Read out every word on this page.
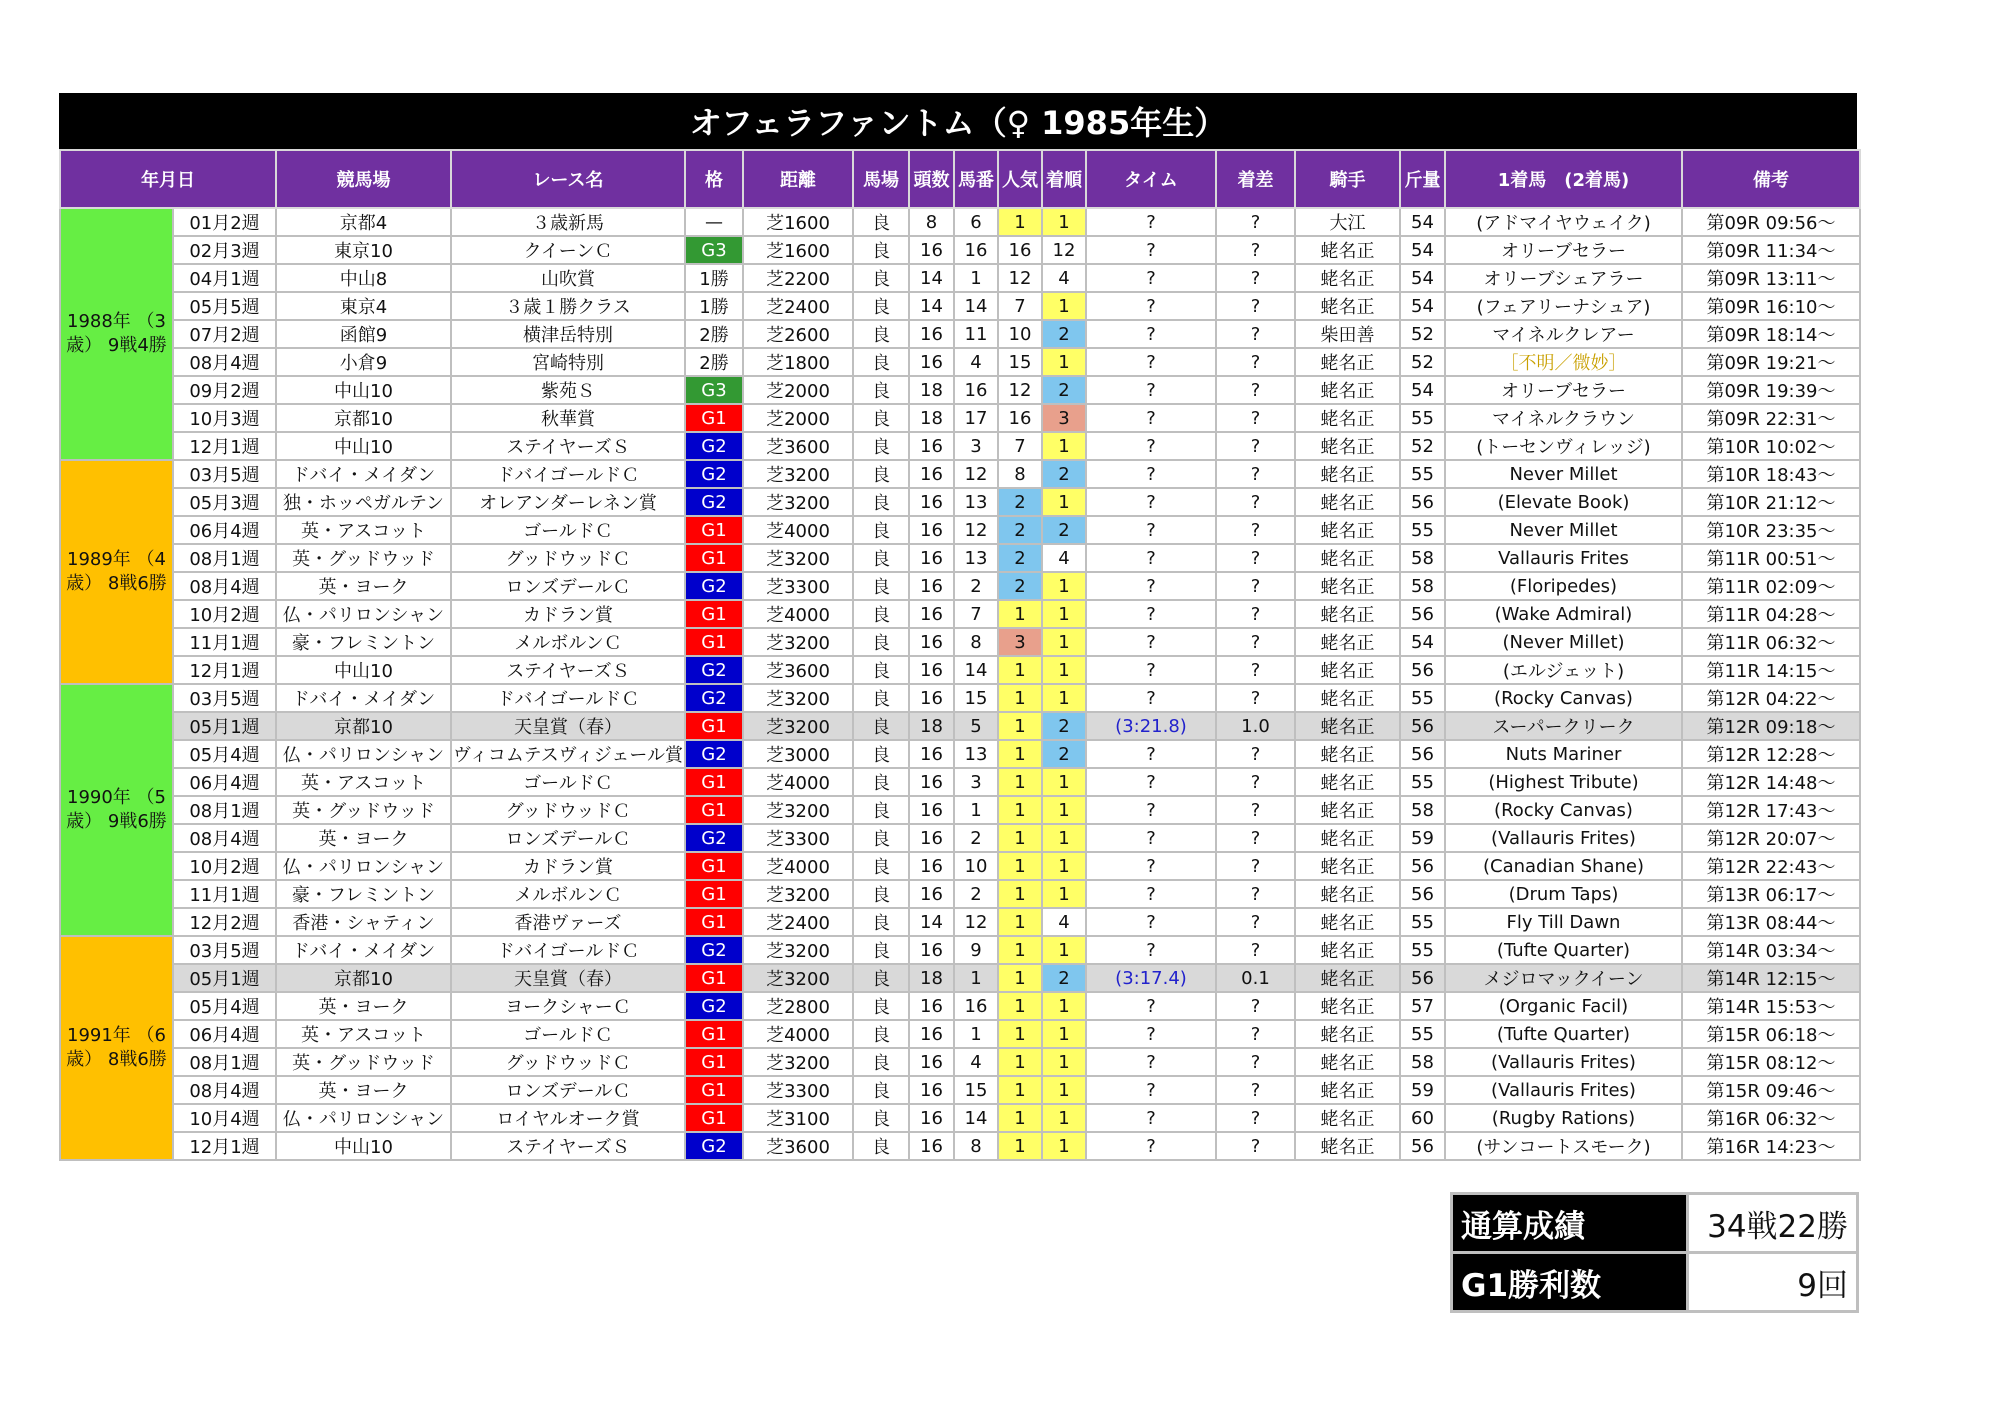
オフェラファントム（♀ 1985年生）
年月日		競馬場	レース名	格	距離	馬場	頭数	馬番	人気	着順	タイム	着差	騎手	斤量	1着馬　(2着馬)	備考
1988年 （3歳） 9戦4勝	01月2週	京都4	３歳新馬	—	芝1600	良	8	6	1	1	?	?	大江	54	(アドマイヤウェイク)	第09R 09:56～
	02月3週	東京10	クイーンＣ	G3	芝1600	良	16	16	16	12	?	?	蛯名正	54	オリーブセラー	第09R 11:34～
	04月1週	中山8	山吹賞	1勝	芝2200	良	14	1	12	4	?	?	蛯名正	54	オリーブシェアラー	第09R 13:11～
	05月5週	東京4	３歳１勝クラス	1勝	芝2400	良	14	14	7	1	?	?	蛯名正	54	(フェアリーナシュア)	第09R 16:10～
	07月2週	函館9	横津岳特別	2勝	芝2600	良	16	11	10	2	?	?	柴田善	52	マイネルクレアー	第09R 18:14～
	08月4週	小倉9	宮崎特別	2勝	芝1800	良	16	4	15	1	?	?	蛯名正	52	［不明／微妙］	第09R 19:21～
	09月2週	中山10	紫苑Ｓ	G3	芝2000	良	18	16	12	2	?	?	蛯名正	54	オリーブセラー	第09R 19:39～
	10月3週	京都10	秋華賞	G1	芝2000	良	18	17	16	3	?	?	蛯名正	55	マイネルクラウン	第09R 22:31～
	12月1週	中山10	ステイヤーズＳ	G2	芝3600	良	16	3	7	1	?	?	蛯名正	52	(トーセンヴィレッジ)	第10R 10:02～
1989年 （4歳） 8戦6勝	03月5週	ドバイ・メイダン	ドバイゴールドＣ	G2	芝3200	良	16	12	8	2	?	?	蛯名正	55	Never Millet	第10R 18:43～
	05月3週	独・ホッペガルテン	オレアンダーレネン賞	G2	芝3200	良	16	13	2	1	?	?	蛯名正	56	(Elevate Book)	第10R 21:12～
	06月4週	英・アスコット	ゴールドＣ	G1	芝4000	良	16	12	2	2	?	?	蛯名正	55	Never Millet	第10R 23:35～
	08月1週	英・グッドウッド	グッドウッドＣ	G1	芝3200	良	16	13	2	4	?	?	蛯名正	58	Vallauris Frites	第11R 00:51～
	08月4週	英・ヨーク	ロンズデールＣ	G2	芝3300	良	16	2	2	1	?	?	蛯名正	58	(Floripedes)	第11R 02:09～
	10月2週	仏・パリロンシャン	カドラン賞	G1	芝4000	良	16	7	1	1	?	?	蛯名正	56	(Wake Admiral)	第11R 04:28～
	11月1週	豪・フレミントン	メルボルンＣ	G1	芝3200	良	16	8	3	1	?	?	蛯名正	54	(Never Millet)	第11R 06:32～
	12月1週	中山10	ステイヤーズＳ	G2	芝3600	良	16	14	1	1	?	?	蛯名正	56	(エルジェット)	第11R 14:15～
1990年 （5歳） 9戦6勝	03月5週	ドバイ・メイダン	ドバイゴールドＣ	G2	芝3200	良	16	15	1	1	?	?	蛯名正	55	(Rocky Canvas)	第12R 04:22～
	05月1週	京都10	天皇賞（春）	G1	芝3200	良	18	5	1	2	(3:21.8)	1.0	蛯名正	56	スーパークリーク	第12R 09:18～
	05月4週	仏・パリロンシャン	ヴィコムテスヴィジェール賞	G2	芝3000	良	16	13	1	2	?	?	蛯名正	56	Nuts Mariner	第12R 12:28～
	06月4週	英・アスコット	ゴールドＣ	G1	芝4000	良	16	3	1	1	?	?	蛯名正	55	(Highest Tribute)	第12R 14:48～
	08月1週	英・グッドウッド	グッドウッドＣ	G1	芝3200	良	16	1	1	1	?	?	蛯名正	58	(Rocky Canvas)	第12R 17:43～
	08月4週	英・ヨーク	ロンズデールＣ	G2	芝3300	良	16	2	1	1	?	?	蛯名正	59	(Vallauris Frites)	第12R 20:07～
	10月2週	仏・パリロンシャン	カドラン賞	G1	芝4000	良	16	10	1	1	?	?	蛯名正	56	(Canadian Shane)	第12R 22:43～
	11月1週	豪・フレミントン	メルボルンＣ	G1	芝3200	良	16	2	1	1	?	?	蛯名正	56	(Drum Taps)	第13R 06:17～
	12月2週	香港・シャティン	香港ヴァーズ	G1	芝2400	良	14	12	1	4	?	?	蛯名正	55	Fly Till Dawn	第13R 08:44～
1991年 （6歳） 8戦6勝	03月5週	ドバイ・メイダン	ドバイゴールドＣ	G2	芝3200	良	16	9	1	1	?	?	蛯名正	55	(Tufte Quarter)	第14R 03:34～
	05月1週	京都10	天皇賞（春）	G1	芝3200	良	18	1	1	2	(3:17.4)	0.1	蛯名正	56	メジロマックイーン	第14R 12:15～
	05月4週	英・ヨーク	ヨークシャーＣ	G2	芝2800	良	16	16	1	1	?	?	蛯名正	57	(Organic Facil)	第14R 15:53～
	06月4週	英・アスコット	ゴールドＣ	G1	芝4000	良	16	1	1	1	?	?	蛯名正	55	(Tufte Quarter)	第15R 06:18～
	08月1週	英・グッドウッド	グッドウッドＣ	G1	芝3200	良	16	4	1	1	?	?	蛯名正	58	(Vallauris Frites)	第15R 08:12～
	08月4週	英・ヨーク	ロンズデールＣ	G1	芝3300	良	16	15	1	1	?	?	蛯名正	59	(Vallauris Frites)	第15R 09:46～
	10月4週	仏・パリロンシャン	ロイヤルオーク賞	G1	芝3100	良	16	14	1	1	?	?	蛯名正	60	(Rugby Rations)	第16R 06:32～
	12月1週	中山10	ステイヤーズＳ	G2	芝3600	良	16	8	1	1	?	?	蛯名正	56	(サンコートスモーク)	第16R 14:23～
通算成績	34戦22勝
G1勝利数	9回
